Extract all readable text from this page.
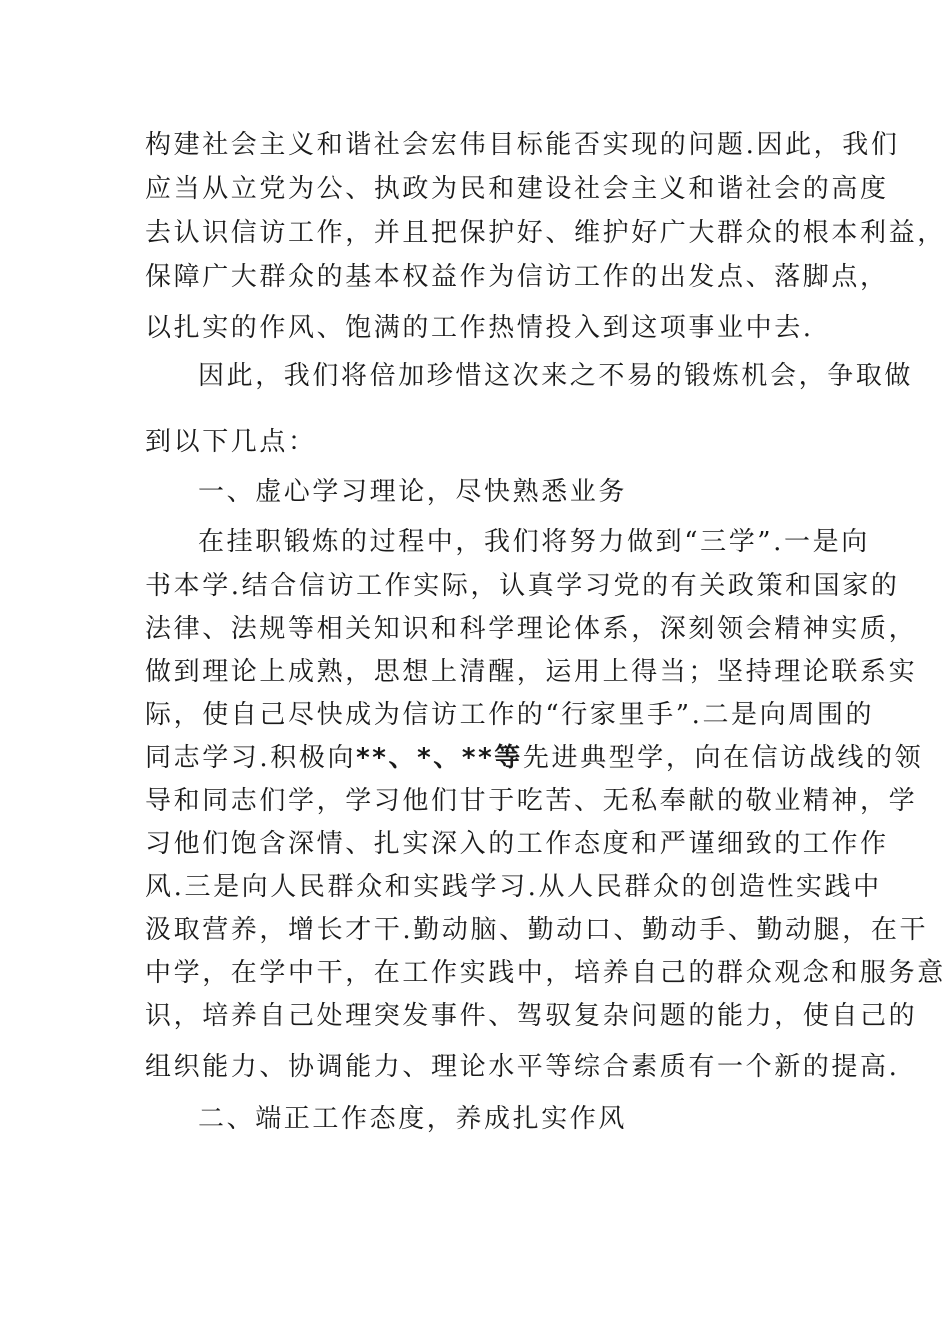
构建社会主义和谐社会宏伟目标能否实现的问题.因此，我们
应当从立党为公、执政为民和建设社会主义和谐社会的高度
去认识信访工作，并且把保护好、维护好广大群众的根本利益，
保障广大群众的基本权益作为信访工作的出发点、落脚点，
以扎实的作风、饱满的工作热情投入到这项事业中去.
因此，我们将倍加珍惜这次来之不易的锻炼机会，争取做
到以下几点：
一、虚心学习理论，尽快熟悉业务
在挂职锻炼的过程中，我们将努力做到“三学”.一是向
书本学.结合信访工作实际，认真学习党的有关政策和国家的
法律、法规等相关知识和科学理论体系，深刻领会精神实质，
做到理论上成熟，思想上清醒，运用上得当；坚持理论联系实
际，使自己尽快成为信访工作的“行家里手”.二是向周围的
同志学习.积极向**、*、**等先进典型学，向在信访战线的领
导和同志们学，学习他们甘于吃苦、无私奉献的敬业精神，学
习他们饱含深情、扎实深入的工作态度和严谨细致的工作作
风.三是向人民群众和实践学习.从人民群众的创造性实践中
汲取营养，增长才干.勤动脑、勤动口、勤动手、勤动腿，在干
中学，在学中干，在工作实践中，培养自己的群众观念和服务意
识，培养自己处理突发事件、驾驭复杂问题的能力，使自己的
组织能力、协调能力、理论水平等综合素质有一个新的提高.
二、端正工作态度，养成扎实作风
